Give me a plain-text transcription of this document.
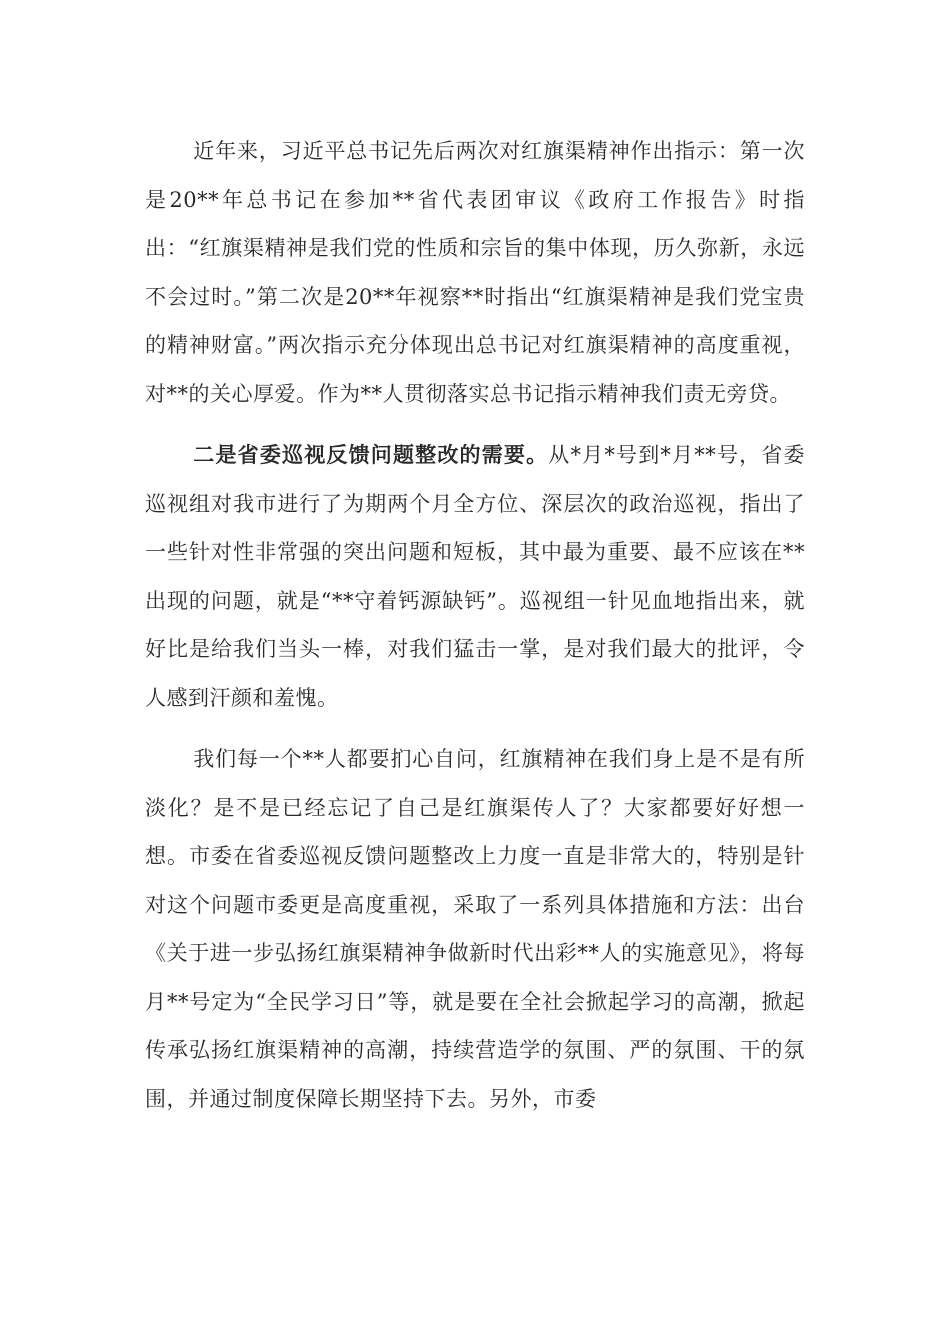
近年来，习近平总书记先后两次对红旗渠精神作出指示：第一次是20**年总书记在参加**省代表团审议《政府工作报告》时指出：“红旗渠精神是我们党的性质和宗旨的集中体现，历久弥新，永远不会过时。”第二次是20**年视察**时指出“红旗渠精神是我们党宝贵的精神财富。”两次指示充分体现出总书记对红旗渠精神的高度重视，对**的关心厚爱。作为**人贯彻落实总书记指示精神我们责无旁贷。

二是省委巡视反馈问题整改的需要。从*月*号到*月**号，省委巡视组对我市进行了为期两个月全方位、深层次的政治巡视，指出了一些针对性非常强的突出问题和短板，其中最为重要、最不应该在**出现的问题，就是“**守着钙源缺钙”。巡视组一针见血地指出来，就好比是给我们当头一棒，对我们猛击一掌，是对我们最大的批评，令人感到汗颜和羞愧。

我们每一个**人都要扪心自问，红旗精神在我们身上是不是有所淡化？是不是已经忘记了自己是红旗渠传人了？大家都要好好想一想。市委在省委巡视反馈问题整改上力度一直是非常大的，特别是针对这个问题市委更是高度重视，采取了一系列具体措施和方法：出台《关于进一步弘扬红旗渠精神争做新时代出彩**人的实施意见》，将每月**号定为“全民学习日”等，就是要在全社会掀起学习的高潮，掀起传承弘扬红旗渠精神的高潮，持续营造学的氛围、严的氛围、干的氛围，并通过制度保障长期坚持下去。另外，市委
